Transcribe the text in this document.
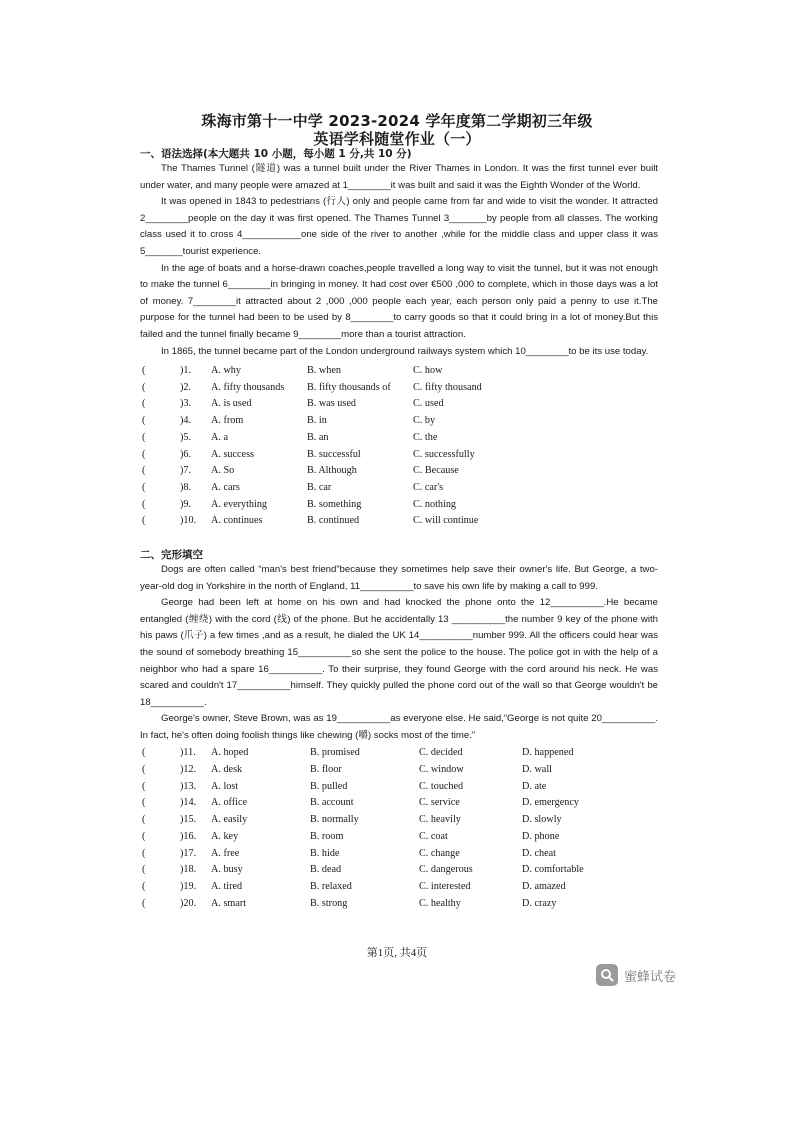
珠海市第十一中学 2023-2024 学年度第二学期初三年级
英语学科随堂作业（一）
一、语法选择(本大题共 10 小题，每小题 1 分,共 10 分)

The Thames Tunnel (隧道) was a tunnel built under the River Thames in London. It was the first tunnel ever built under water, and many people were amazed at 1________it was built and said it was the Eighth Wonder of the World.

It was opened in 1843 to pedestrians (行人) only and people came from far and wide to visit the wonder. It attracted 2________people on the day it was first opened. The Thames Tunnel 3_______by people from all classes. The working class used it to cross 4___________one side of the river to another ,while for the middle class and upper class it was 5_______tourist experience.

In the age of boats and a horse-drawn coaches,people travelled a long way to visit the tunnel, but it was not enough to make the tunnel 6________in bringing in money. It had cost over €500 ,000 to complete, which in those days was a lot of money. 7________it attracted about 2 ,000 ,000 people each year, each person only paid a penny to use it.The purpose for the tunnel had been to be used by 8________to carry goods so that it could bring in a lot of money.But this failed and the tunnel finally became 9________more than a tourist attraction.

In 1865, the tunnel became part of the London underground railways system which 10________to be its use today.

(	)1. A. why	B. when	C. how
(	)2. A. fifty thousands B. fifty thousands of C. fifty thousand
(	)3. A. is used	B. was used	C. used
(	)4. A. from	B. in	C. by
(	)5. A. a	B. an	C. the
(	)6. A. success	B. successful	C. successfully
(	)7. A. So	B. Although	C. Because
(	)8. A. cars	B. car	C. car's
(	)9. A. everything	B. something	C. nothing
(	)10. A. continues	B. continued	C. will continue
二、完形填空

Dogs are often called “man's best friend”because they sometimes help save their owner's life. But George, a two-year-old dog in Yorkshire in the north of England, 11__________to save his own life by making a call to 999.

George had been left at home on his own and had knocked the phone onto the 12__________.He became entangled (缠绕) with the cord (线) of the phone. But he accidentally 13 __________the number 9 key of the phone with his paws (爪子) a few times ,and as a result, he dialed the UK 14__________number 999. All the officers could hear was the sound of somebody breathing 15__________so she sent the police to the house. The police got in with the help of a neighbor who had a spare 16__________. To their surprise, they found George with the cord around his neck. He was scared and couldn't 17__________himself. They quickly pulled the phone cord out of the wall so that George wouldn't be 18__________.

George's owner, Steve Brown, was as 19__________as everyone else. He said,“George is not quite 20__________. In fact, he's often doing foolish things like chewing (嚼) socks most of the time.”

(	)11. A. hoped	B. promised	C. decided	D. happened
(	)12. A. desk	B. floor	C. window	D. wall
(	)13. A. lost	B. pulled	C. touched	D. ate
(	)14. A. office	B. account	C. service	D. emergency
(	)15. A. easily	B. normally	C. heavily	D. slowly
(	)16. A. key	B. room	C. coat	D. phone
(	)17. A. free	B. hide	C. change	D. cheat
(	)18. A. busy	B. dead	C. dangerous	D. comfortable
(	)19. A. tired	B. relaxed	C. interested	D. amazed
(	)20. A. smart	B. strong	C. healthy	D. crazy
第1页, 共4页
蜜蜂试卷
